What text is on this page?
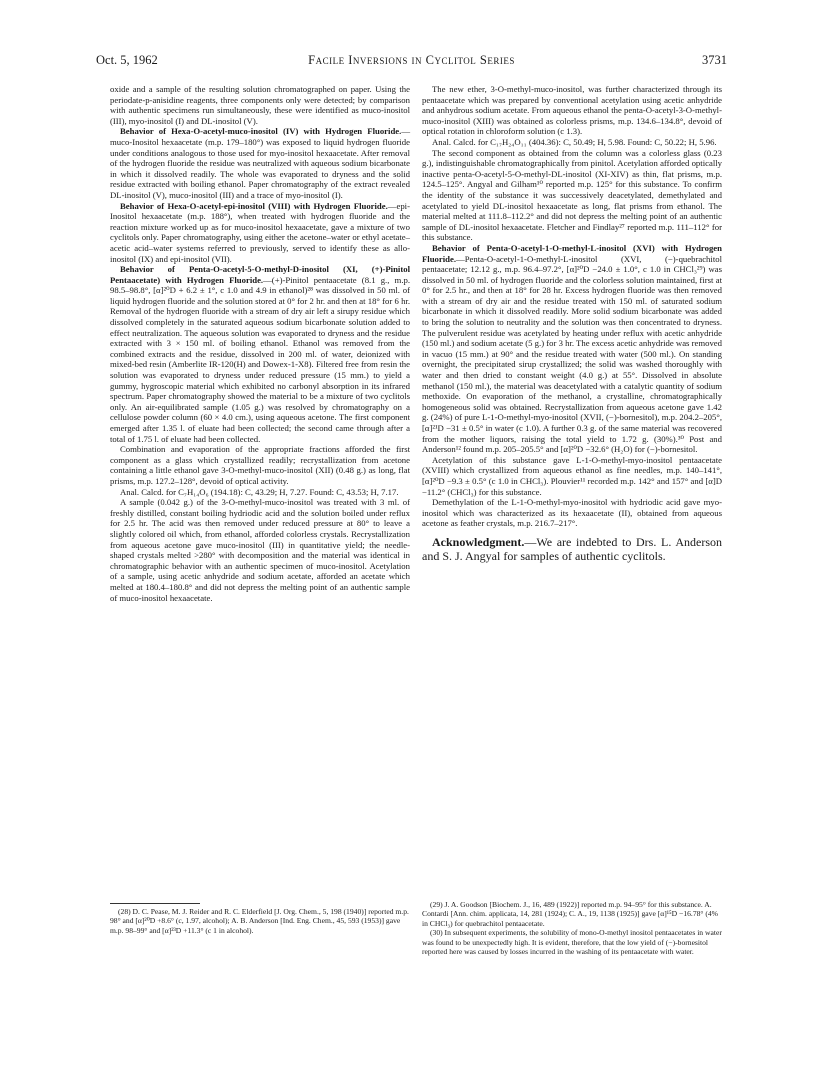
Oct. 5, 1962	Facile Inversions in Cyclitol Series	3731

oxide and a sample of the resulting solution chromatographed on paper. Using the periodate-p-anisidine reagents, three components only were detected; by comparison with authentic specimens run simultaneously, these were identified as muco-inositol (III), myo-inositol (I) and DL-inositol (V).

Behavior of Hexa-O-acetyl-muco-inositol (IV) with Hydrogen Fluoride.—muco-Inositol hexaacetate (m.p. 179–180°) was exposed to liquid hydrogen fluoride under conditions analogous to those used for myo-inositol hexaacetate. After removal of the hydrogen fluoride the residue was neutralized with aqueous sodium bicarbonate in which it dissolved readily. The whole was evaporated to dryness and the solid residue extracted with boiling ethanol. Paper chromatography of the extract revealed DL-inositol (V), muco-inositol (III) and a trace of myo-inositol (I).

Behavior of Hexa-O-acetyl-epi-inositol (VIII) with Hydrogen Fluoride.—epi-Inositol hexaacetate (m.p. 188°), when treated with hydrogen fluoride and the reaction mixture worked up as for muco-inositol hexaacetate, gave a mixture of two cyclitols only. Paper chromatography, using either the acetone–water or ethyl acetate–acetic acid–water systems referred to previously, served to identify these as allo-inositol (IX) and epi-inositol (VII).

Behavior of Penta-O-acetyl-5-O-methyl-D-inositol (XI, (+)-Pinitol Pentaacetate) with Hydrogen Fluoride.—(+)-Pinitol pentaacetate (8.1 g., m.p. 98.5–98.8°, [α]²⁰D + 6.2 ± 1°, c 1.0 and 4.9 in ethanol)²⁸ was dissolved in 50 ml. of liquid hydrogen fluoride and the solution stored at 0° for 2 hr. and then at 18° for 6 hr. Removal of the hydrogen fluoride with a stream of dry air left a sirupy residue which dissolved completely in the saturated aqueous sodium bicarbonate solution added to effect neutralization. The aqueous solution was evaporated to dryness and the residue extracted with 3 × 150 ml. of boiling ethanol. Ethanol was removed from the combined extracts and the residue, dissolved in 200 ml. of water, deionized with mixed-bed resin (Amberlite IR-120(H) and Dowex-1-X8). Filtered free from resin the solution was evaporated to dryness under reduced pressure (15 mm.) to yield a gummy, hygroscopic material which exhibited no carbonyl absorption in its infrared spectrum. Paper chromatography showed the material to be a mixture of two cyclitols only. An air-equilibrated sample (1.05 g.) was resolved by chromatography on a cellulose powder column (60 × 4.0 cm.), using aqueous acetone. The first component emerged after 1.35 l. of eluate had been collected; the second came through after a total of 1.75 l. of eluate had been collected.

Combination and evaporation of the appropriate fractions afforded the first component as a glass which crystallized readily; recrystallization from acetone containing a little ethanol gave 3-O-methyl-muco-inositol (XII) (0.48 g.) as long, flat prisms, m.p. 127.2–128°, devoid of optical activity.

Anal. Calcd. for C₇H₁₄O₆ (194.18): C, 43.29; H, 7.27. Found: C, 43.53; H, 7.17.

A sample (0.042 g.) of the 3-O-methyl-muco-inositol was treated with 3 ml. of freshly distilled, constant boiling hydriodic acid and the solution boiled under reflux for 2.5 hr. The acid was then removed under reduced pressure at 80° to leave a slightly colored oil which, from ethanol, afforded colorless crystals. Recrystallization from aqueous acetone gave muco-inositol (III) in quantitative yield; the needle-shaped crystals melted >280° with decomposition and the material was identical in chromatographic behavior with an authentic specimen of muco-inositol. Acetylation of a sample, using acetic anhydride and sodium acetate, afforded an acetate which melted at 180.4–180.8° and did not depress the melting point of an authentic sample of muco-inositol hexaacetate.

The new ether, 3-O-methyl-muco-inositol, was further characterized through its pentaacetate which was prepared by conventional acetylation using acetic anhydride and anhydrous sodium acetate. From aqueous ethanol the penta-O-acetyl-3-O-methyl-muco-inositol (XIII) was obtained as colorless prisms, m.p. 134.6–134.8°, devoid of optical rotation in chloroform solution (c 1.3).

Anal. Calcd. for C₁₇H₂₄O₁₁ (404.36): C, 50.49; H, 5.98. Found: C, 50.22; H, 5.96.

The second component as obtained from the column was a colorless glass (0.23 g.), indistinguishable chromatographically from pinitol. Acetylation afforded optically inactive penta-O-acetyl-5-O-methyl-DL-inositol (XI-XIV) as thin, flat prisms, m.p. 124.5–125°. Angyal and Gilham¹⁰ reported m.p. 125° for this substance. To confirm the identity of the substance it was successively deacetylated, demethylated and acetylated to yield DL-inositol hexaacetate as long, flat prisms from ethanol. The material melted at 111.8–112.2° and did not depress the melting point of an authentic sample of DL-inositol hexaacetate. Fletcher and Findlay²⁷ reported m.p. 111–112° for this substance.

Behavior of Penta-O-acetyl-1-O-methyl-L-inositol (XVI) with Hydrogen Fluoride.—Penta-O-acetyl-1-O-methyl-L-inositol (XVI, (−)-quebrachitol pentaacetate; 12.12 g., m.p. 96.4–97.2°, [α]²⁰D −24.0 ± 1.0°, c 1.0 in CHCl₃²⁹) was dissolved in 50 ml. of hydrogen fluoride and the colorless solution maintained, first at 0° for 2.5 hr., and then at 18° for 28 hr. Excess hydrogen fluoride was then removed with a stream of dry air and the residue treated with 150 ml. of saturated sodium bicarbonate in which it dissolved readily. More solid sodium bicarbonate was added to bring the solution to neutrality and the solution was then concentrated to dryness. The pulverulent residue was acetylated by heating under reflux with acetic anhydride (150 ml.) and sodium acetate (5 g.) for 3 hr. The excess acetic anhydride was removed in vacuo (15 mm.) at 90° and the residue treated with water (500 ml.). On standing overnight, the precipitated sirup crystallized; the solid was washed thoroughly with water and then dried to constant weight (4.0 g.) at 55°. Dissolved in absolute methanol (150 ml.), the material was deacetylated with a catalytic quantity of sodium methoxide. On evaporation of the methanol, a crystalline, chromatographically homogeneous solid was obtained. Recrystallization from aqueous acetone gave 1.42 g. (24%) of pure L-1-O-methyl-myo-inositol (XVII, (−)-bornesitol), m.p. 204.2–205°, [α]²¹D −31 ± 0.5° in water (c 1.0). A further 0.3 g. of the same material was recovered from the mother liquors, raising the total yield to 1.72 g. (30%).³⁰ Post and Anderson¹² found m.p. 205–205.5° and [α]²⁰D −32.6° (H₂O) for (−)-bornesitol.

Acetylation of this substance gave L-1-O-methyl-myo-inositol pentaacetate (XVIII) which crystallized from aqueous ethanol as fine needles, m.p. 140–141°, [α]²⁰D −9.3 ± 0.5° (c 1.0 in CHCl₃). Plouvier¹¹ recorded m.p. 142° and 157° and [α]D −11.2° (CHCl₃) for this substance.

Demethylation of the L-1-O-methyl-myo-inositol with hydriodic acid gave myo-inositol which was characterized as its hexaacetate (II), obtained from aqueous acetone as feather crystals, m.p. 216.7–217°.

Acknowledgment.—We are indebted to Drs. L. Anderson and S. J. Angyal for samples of authentic cyclitols.

(28) D. C. Pease, M. J. Reider and R. C. Elderfield [J. Org. Chem., 5, 198 (1940)] reported m.p. 98° and [α]²⁰D +8.6° (c, 1.97, alcohol); A. B. Anderson [Ind. Eng. Chem., 45, 593 (1953)] gave m.p. 98–99° and [α]²³D +11.3° (c 1 in alcohol).

(29) J. A. Goodson [Biochem. J., 16, 489 (1922)] reported m.p. 94–95° for this substance. A. Contardi [Ann. chim. applicata, 14, 281 (1924); C. A., 19, 1138 (1925)] gave [α]¹⁵D −16.78° (4% in CHCl₃) for quebrachitol pentaacetate.

(30) In subsequent experiments, the solubility of mono-O-methyl inositol pentaacetates in water was found to be unexpectedly high. It is evident, therefore, that the low yield of (−)-bornesitol reported here was caused by losses incurred in the washing of its pentaacetate with water.
